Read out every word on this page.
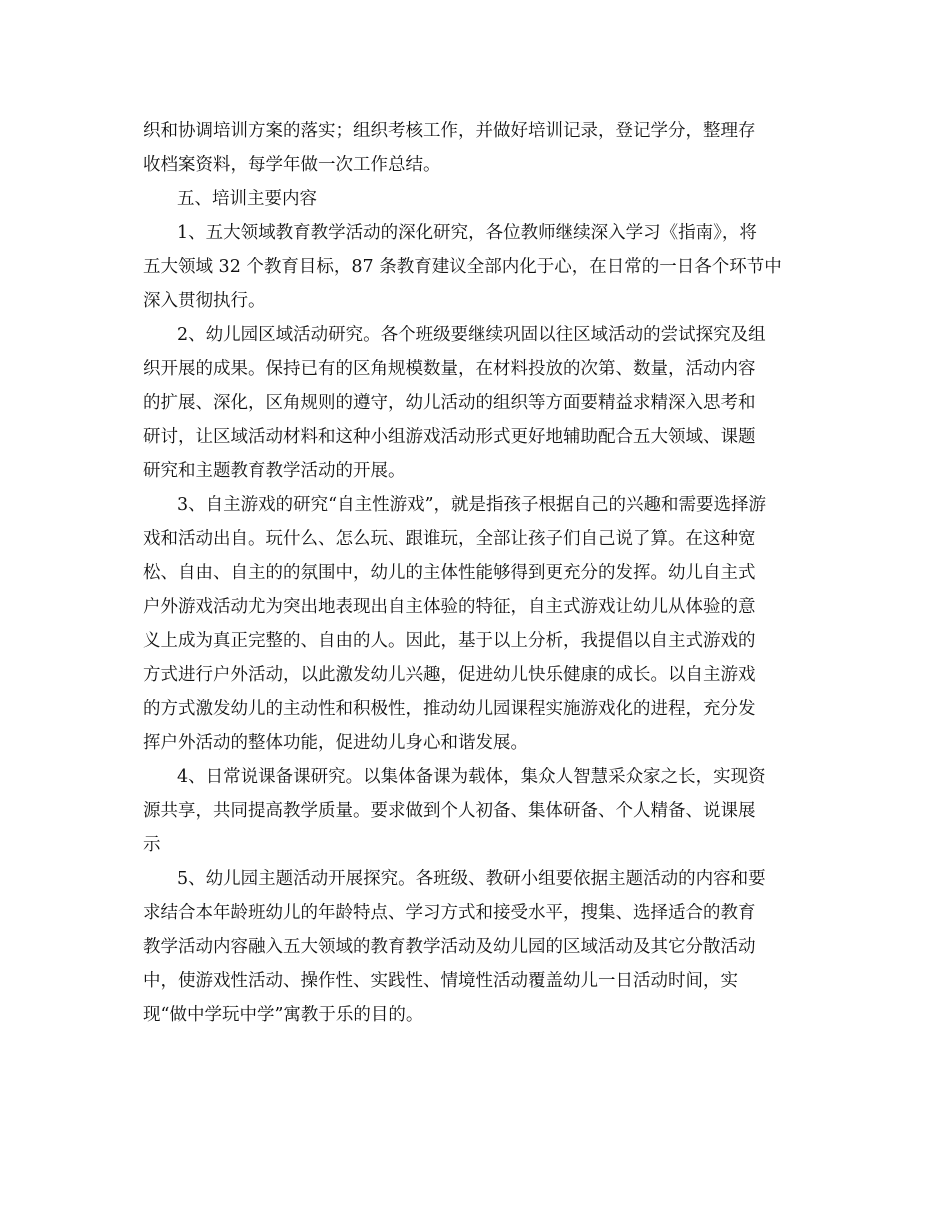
织和协调培训方案的落实；组织考核工作，并做好培训记录，登记学分，整理存
收档案资料，每学年做一次工作总结。
五、培训主要内容
1、五大领域教育教学活动的深化研究，各位教师继续深入学习《指南》，将
五大领域 32 个教育目标，87 条教育建议全部内化于心，在日常的一日各个环节中
深入贯彻执行。
2、幼儿园区域活动研究。各个班级要继续巩固以往区域活动的尝试探究及组
织开展的成果。保持已有的区角规模数量，在材料投放的次第、数量，活动内容
的扩展、深化，区角规则的遵守，幼儿活动的组织等方面要精益求精深入思考和
研讨，让区域活动材料和这种小组游戏活动形式更好地辅助配合五大领域、课题
研究和主题教育教学活动的开展。
3、自主游戏的研究“自主性游戏”，就是指孩子根据自己的兴趣和需要选择游
戏和活动出自。玩什么、怎么玩、跟谁玩，全部让孩子们自己说了算。在这种宽
松、自由、自主的的氛围中，幼儿的主体性能够得到更充分的发挥。幼儿自主式
户外游戏活动尤为突出地表现出自主体验的特征，自主式游戏让幼儿从体验的意
义上成为真正完整的、自由的人。因此，基于以上分析，我提倡以自主式游戏的
方式进行户外活动，以此激发幼儿兴趣，促进幼儿快乐健康的成长。以自主游戏
的方式激发幼儿的主动性和积极性，推动幼儿园课程实施游戏化的进程，充分发
挥户外活动的整体功能，促进幼儿身心和谐发展。
4、日常说课备课研究。以集体备课为载体，集众人智慧采众家之长，实现资
源共享，共同提高教学质量。要求做到个人初备、集体研备、个人精备、说课展
示
5、幼儿园主题活动开展探究。各班级、教研小组要依据主题活动的内容和要
求结合本年龄班幼儿的年龄特点、学习方式和接受水平，搜集、选择适合的教育
教学活动内容融入五大领域的教育教学活动及幼儿园的区域活动及其它分散活动
中，使游戏性活动、操作性、实践性、情境性活动覆盖幼儿一日活动时间，实
现“做中学玩中学”寓教于乐的目的。
